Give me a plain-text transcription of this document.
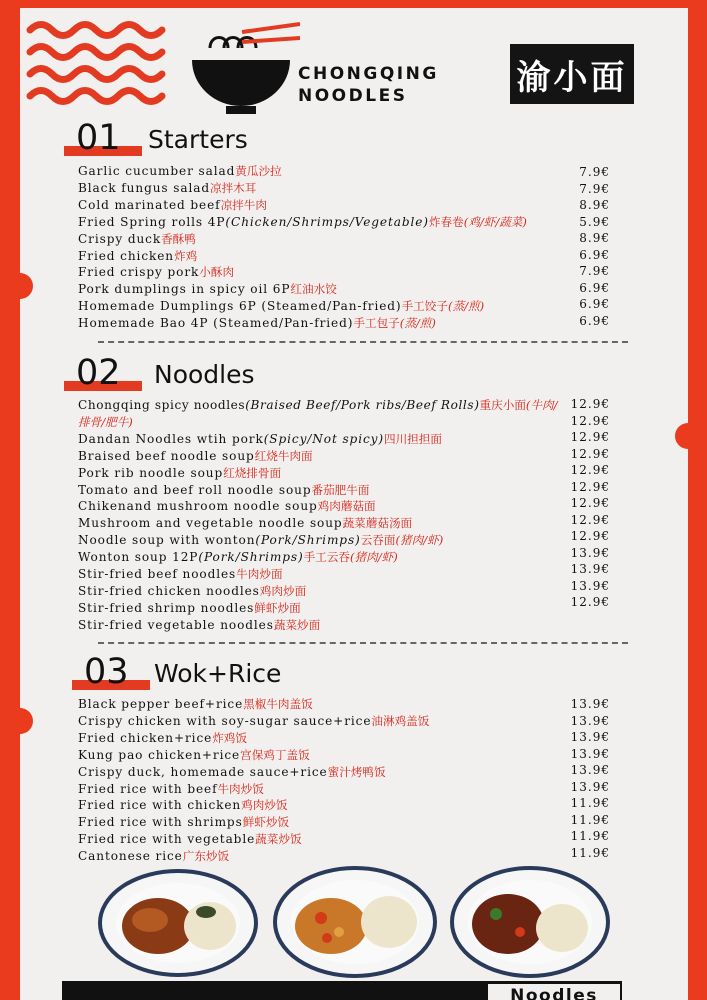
CHONGQING
NOODLES	渝小面
01 Starters
Garlic cucumber salad黄瓜沙拉
Black fungus salad凉拌木耳
Cold marinated beef凉拌牛肉
Fried Spring rolls 4P(Chicken/Shrimps/Vegetable)炸春卷(鸡/虾/蔬菜)
Crispy duck香酥鸭
Fried chicken炸鸡
Fried crispy pork小酥肉
Pork dumplings in spicy oil 6P红油水饺
Homemade Dumplings 6P (Steamed/Pan-fried)手工饺子(蒸/煎)
Homemade Bao 4P (Steamed/Pan-fried)手工包子(蒸/煎)
7.9€
7.9€
8.9€
5.9€
8.9€
6.9€
7.9€
6.9€
6.9€
6.9€
02 Noodles
Chongqing spicy noodles(Braised Beef/Pork ribs/Beef Rolls)重庆小面(牛肉/排骨/肥牛)
Dandan Noodles wtih pork(Spicy/Not spicy)四川担担面
Braised beef noodle soup红烧牛肉面
Pork rib noodle soup红烧排骨面
Tomato and beef roll noodle soup番茄肥牛面
Chikenand mushroom noodle soup鸡肉蘑菇面
Mushroom and vegetable noodle soup蔬菜蘑菇汤面
Noodle soup with wonton(Pork/Shrimps)云吞面(猪肉/虾)
Wonton soup 12P(Pork/Shrimps)手工云吞(猪肉/虾)
Stir-fried beef noodles牛肉炒面
Stir-fried chicken noodles鸡肉炒面
Stir-fried shrimp noodles鲜虾炒面
Stir-fried vegetable noodles蔬菜炒面
12.9€
12.9€
12.9€
12.9€
12.9€
12.9€
12.9€
12.9€
12.9€
13.9€
13.9€
13.9€
12.9€
03 Wok+Rice
Black pepper beef+rice黑椒牛肉盖饭
Crispy chicken with soy-sugar sauce+rice油淋鸡盖饭
Fried chicken+rice炸鸡饭
Kung pao chicken+rice宫保鸡丁盖饭
Crispy duck, homemade sauce+rice蜜汁烤鸭饭
Fried rice with beef牛肉炒饭
Fried rice with chicken鸡肉炒饭
Fried rice with shrimps鲜虾炒饭
Fried rice with vegetable蔬菜炒饭
Cantonese rice广东炒饭
13.9€
13.9€
13.9€
13.9€
13.9€
13.9€
11.9€
11.9€
11.9€
11.9€
Noodles
